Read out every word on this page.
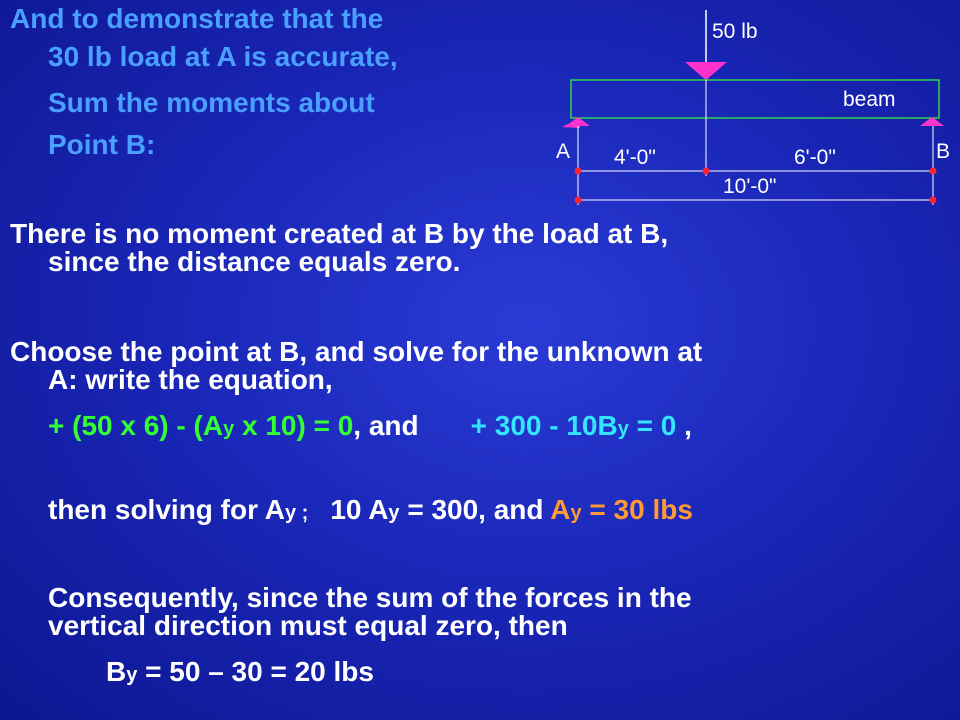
And to demonstrate that the
30 lb load at A is accurate,
Sum the moments about
Point B:
50 lb
beam
A	B
4'-0"	6'-0"
10'-0"
There is no moment created at B by the load at B,
since the distance equals zero.
Choose the point at B, and solve for the unknown at
A: write the equation,
+ (50 x 6) - (Ay x 10) = 0, and + 300 - 10By = 0 ,
then solving for Ay ; 10 Ay = 300, and Ay = 30 lbs
Consequently, since the sum of the forces in the
vertical direction must equal zero, then
By = 50 – 30 = 20 lbs
